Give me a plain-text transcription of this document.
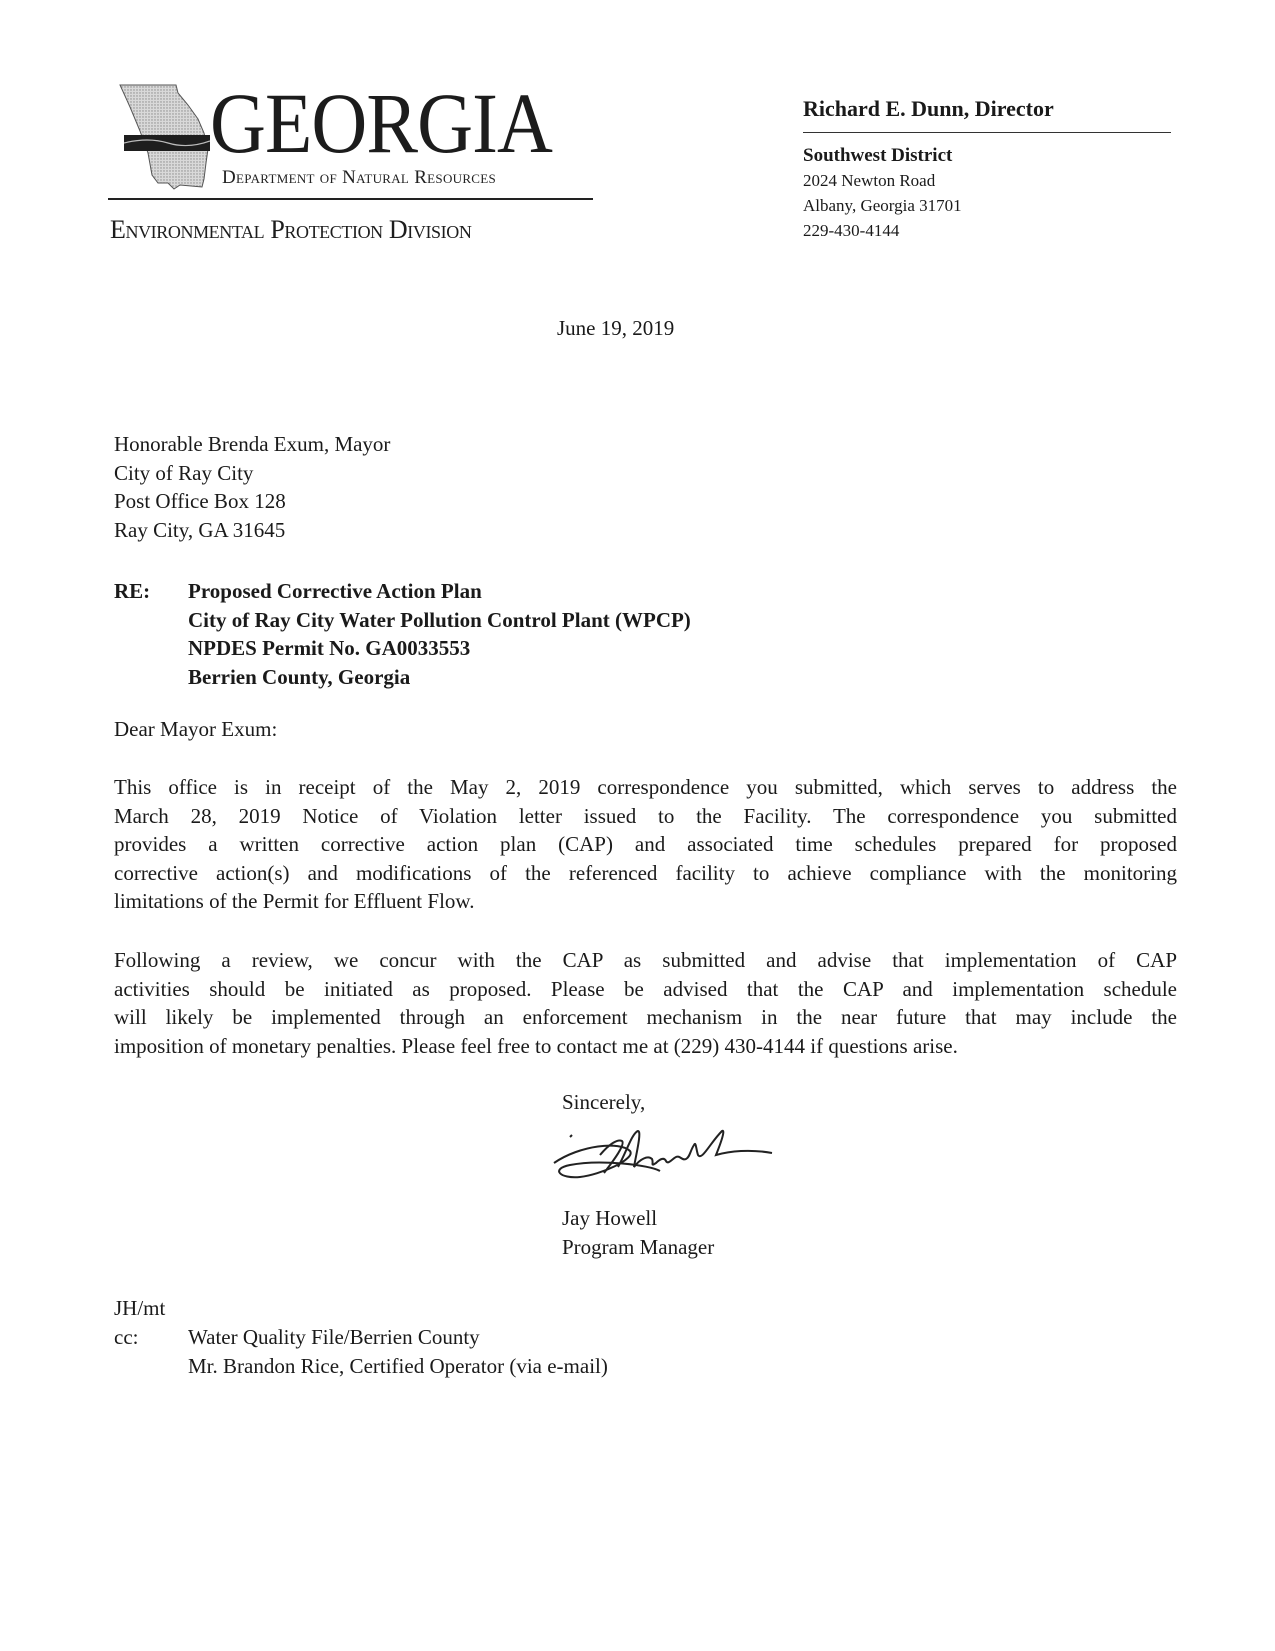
GEORGIA
Department of Natural Resources
Environmental Protection Division
Richard E. Dunn, Director
Southwest District
2024 Newton Road
Albany, Georgia 31701
229-430-4144
June 19, 2019
Honorable Brenda Exum, Mayor
City of Ray City
Post Office Box 128
Ray City, GA 31645
RE: Proposed Corrective Action Plan
City of Ray City Water Pollution Control Plant (WPCP)
NPDES Permit No. GA0033553
Berrien County, Georgia
Dear Mayor Exum:
This office is in receipt of the May 2, 2019 correspondence you submitted, which serves to address the
March 28, 2019 Notice of Violation letter issued to the Facility. The correspondence you submitted
provides a written corrective action plan (CAP) and associated time schedules prepared for proposed
corrective action(s) and modifications of the referenced facility to achieve compliance with the monitoring
limitations of the Permit for Effluent Flow.
Following a review, we concur with the CAP as submitted and advise that implementation of CAP
activities should be initiated as proposed. Please be advised that the CAP and implementation schedule
will likely be implemented through an enforcement mechanism in the near future that may include the
imposition of monetary penalties. Please feel free to contact me at (229) 430-4144 if questions arise.
Sincerely,
Jay Howell
Program Manager
JH/mt
cc: Water Quality File/Berrien County
Mr. Brandon Rice, Certified Operator (via e-mail)
